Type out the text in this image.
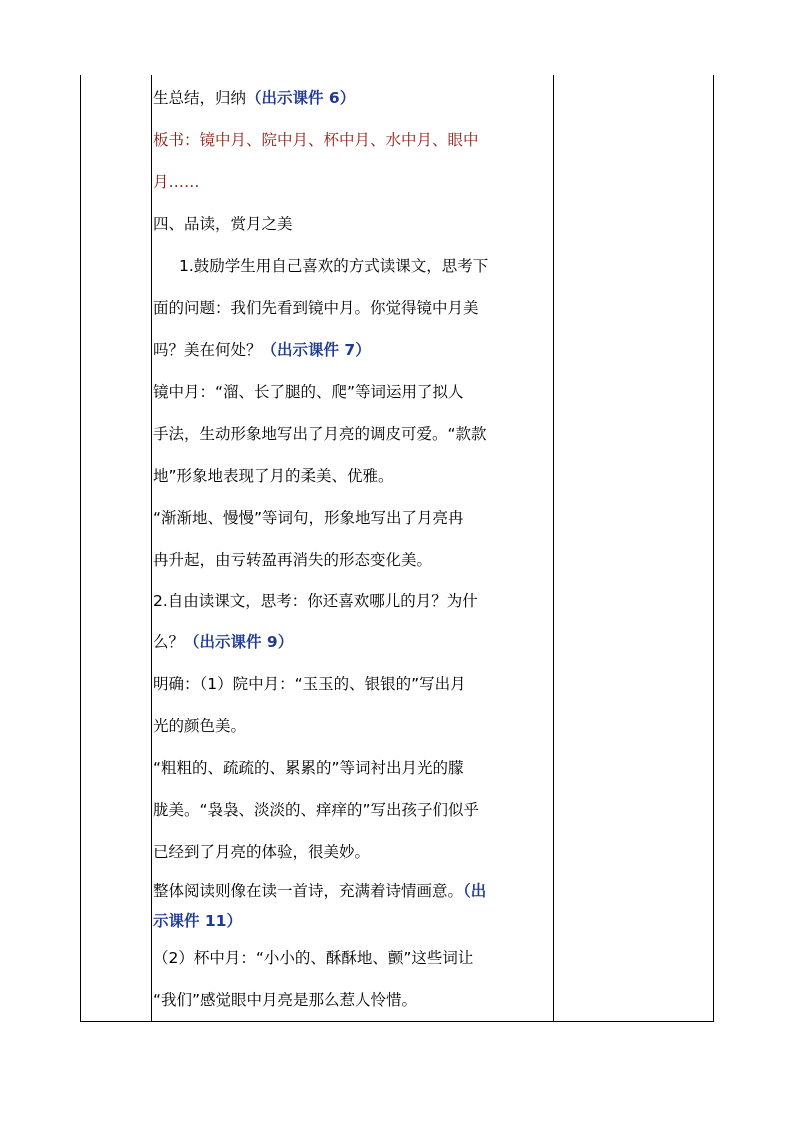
生总结，归纳（出示课件 6）
板书：镜中月、院中月、杯中月、水中月、眼中
月……
四、品读，赏月之美
1.鼓励学生用自己喜欢的方式读课文，思考下
面的问题：我们先看到镜中月。你觉得镜中月美
吗？美在何处？（出示课件 7）
镜中月：“溜、长了腿的、爬”等词运用了拟人
手法，生动形象地写出了月亮的调皮可爱。“款款
地”形象地表现了月的柔美、优雅。
“渐渐地、慢慢”等词句，形象地写出了月亮冉
冉升起，由亏转盈再消失的形态变化美。
2.自由读课文，思考：你还喜欢哪儿的月？为什
么？（出示课件 9）
明确：（1）院中月：“玉玉的、银银的”写出月
光的颜色美。
“粗粗的、疏疏的、累累的”等词衬出月光的朦
胧美。“袅袅、淡淡的、痒痒的”写出孩子们似乎
已经到了月亮的体验，很美妙。
整体阅读则像在读一首诗，充满着诗情画意。（出
示课件 11）
（2）杯中月：“小小的、酥酥地、颤”这些词让
“我们”感觉眼中月亮是那么惹人怜惜。
